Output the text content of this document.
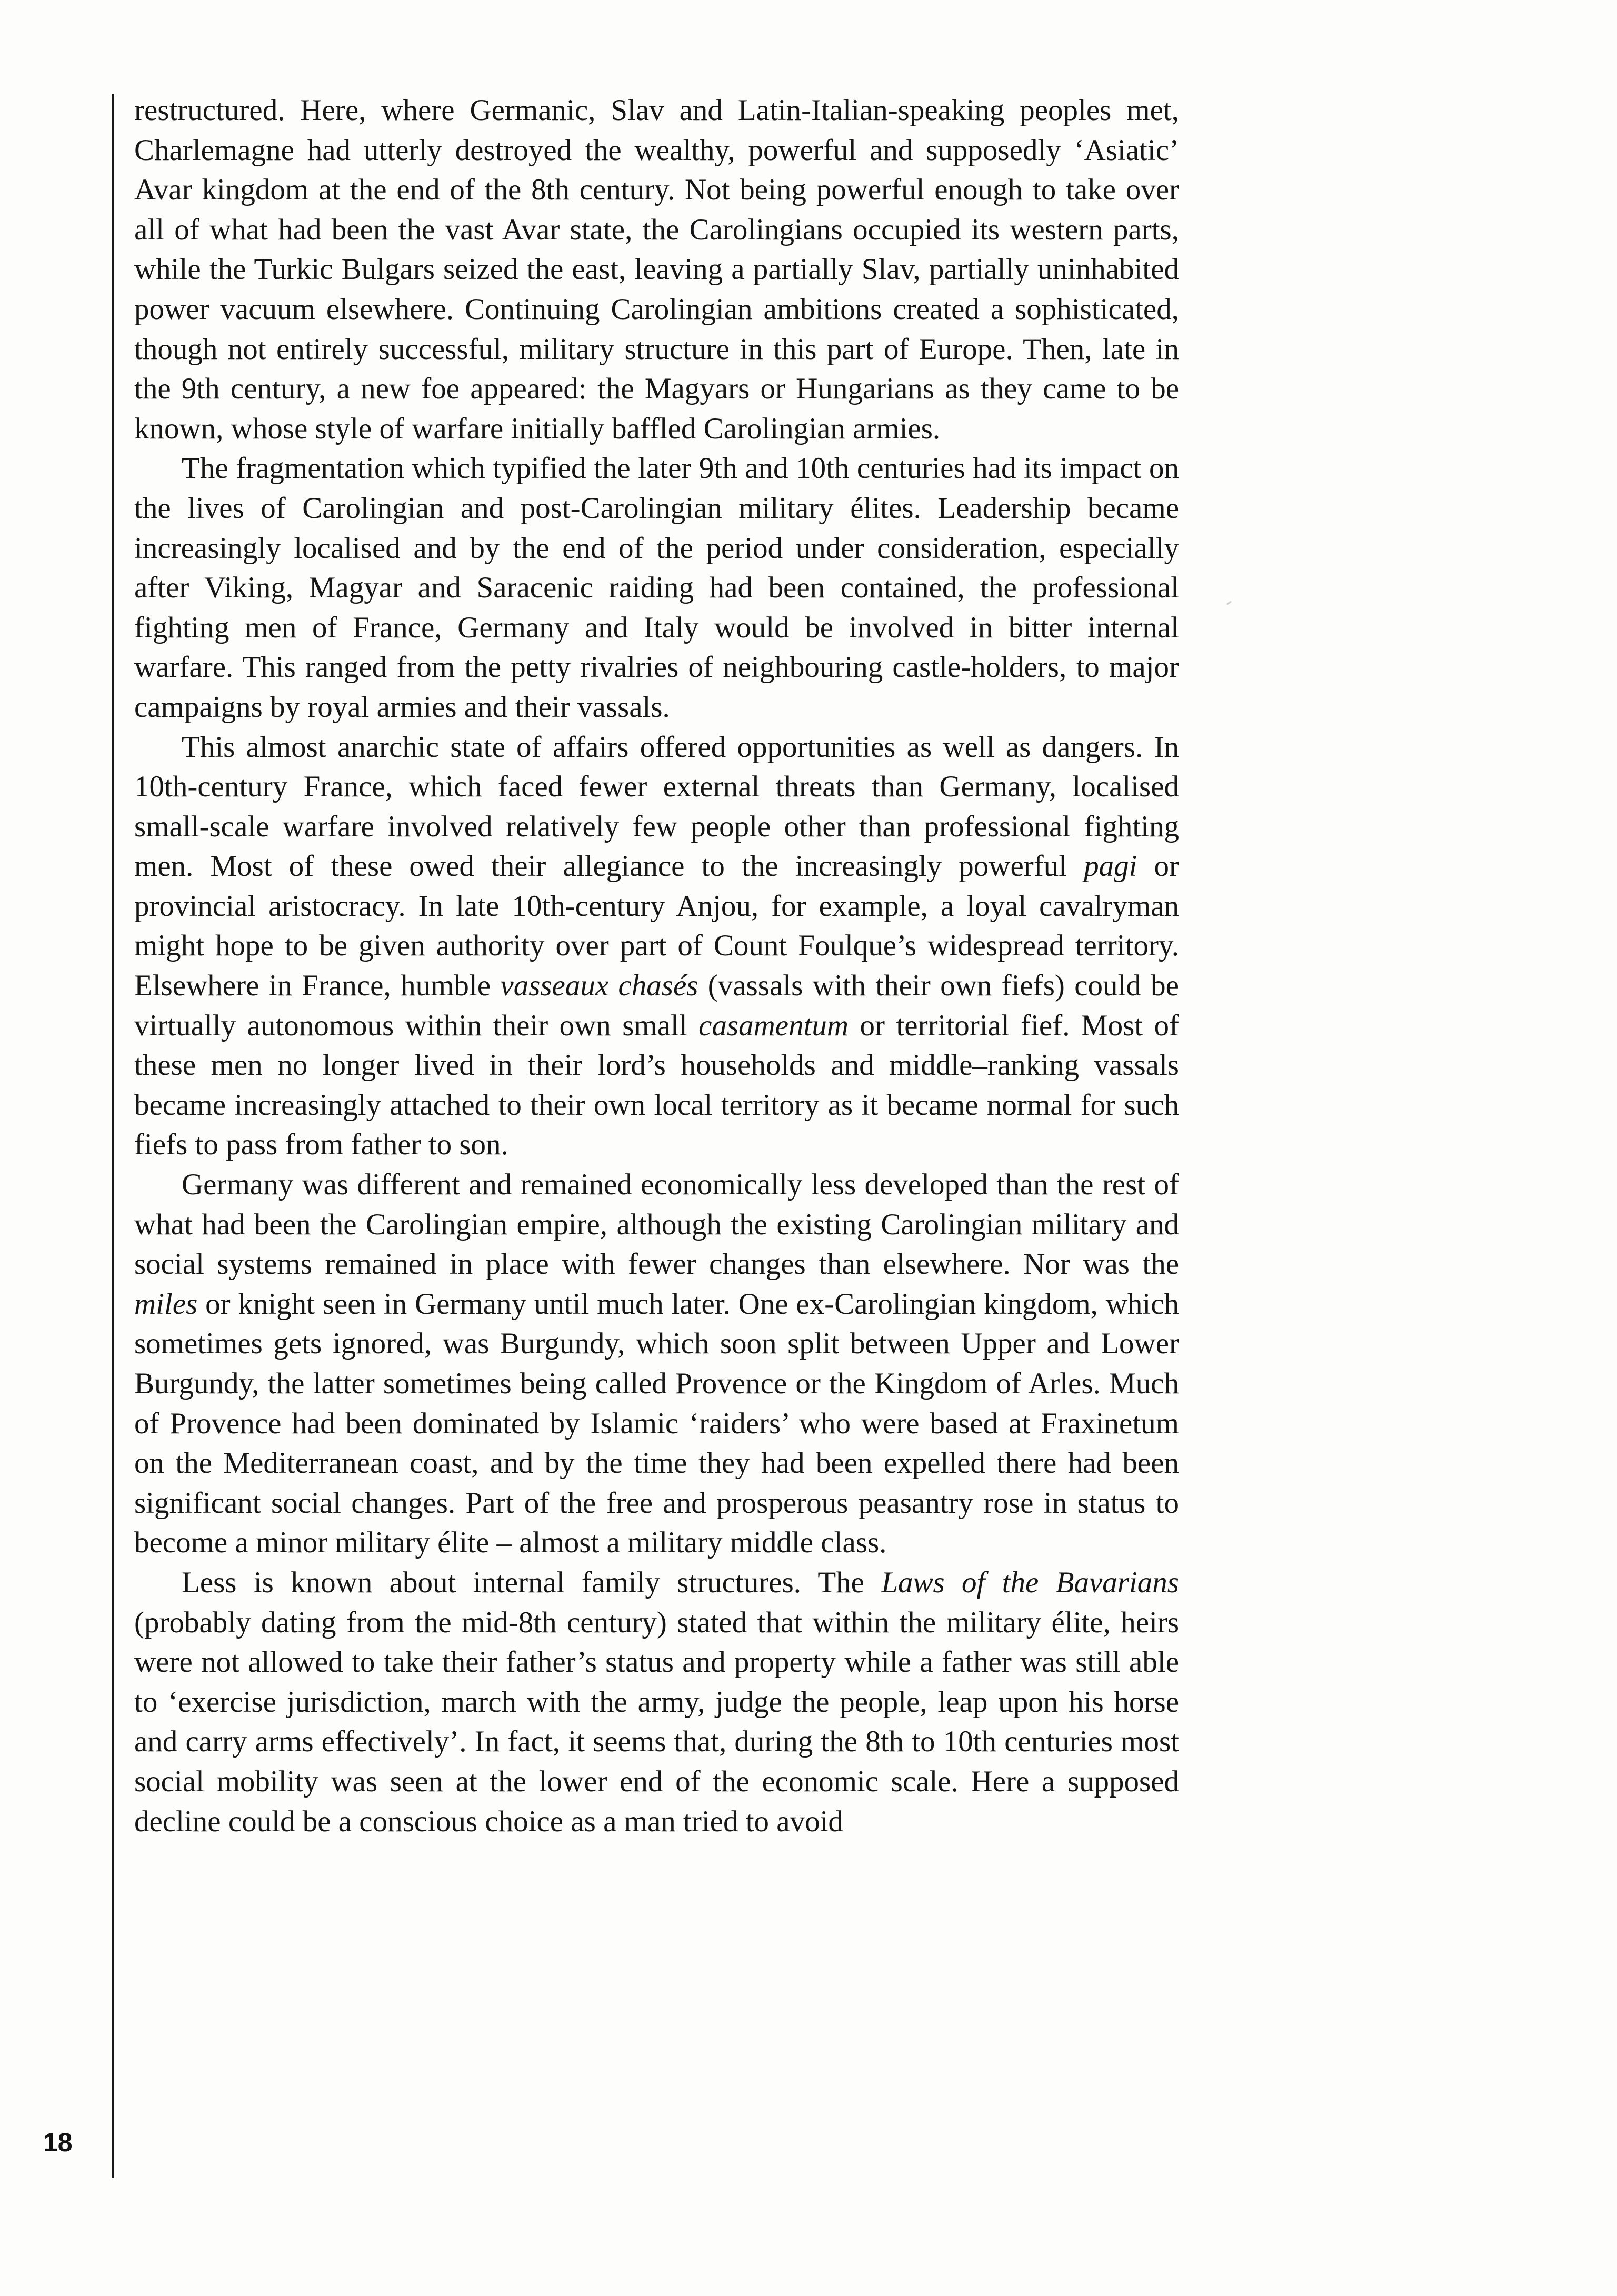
restructured. Here, where Germanic, Slav and Latin-Italian-speaking peoples met, Charlemagne had utterly destroyed the wealthy, powerful and supposedly ‘Asiatic’ Avar kingdom at the end of the 8th century. Not being powerful enough to take over all of what had been the vast Avar state, the Carolingians occupied its western parts, while the Turkic Bulgars seized the east, leaving a partially Slav, partially uninhabited power vacuum elsewhere. Continuing Carolingian ambitions created a sophisticated, though not entirely successful, military structure in this part of Europe. Then, late in the 9th century, a new foe appeared: the Magyars or Hungarians as they came to be known, whose style of warfare initially baffled Carolingian armies.

The fragmentation which typified the later 9th and 10th centuries had its impact on the lives of Carolingian and post-Carolingian military élites. Leadership became increasingly localised and by the end of the period under consideration, especially after Viking, Magyar and Saracenic raiding had been contained, the professional fighting men of France, Germany and Italy would be involved in bitter internal warfare. This ranged from the petty rivalries of neighbouring castle-holders, to major campaigns by royal armies and their vassals.

This almost anarchic state of affairs offered opportunities as well as dangers. In 10th-century France, which faced fewer external threats than Germany, localised small-scale warfare involved relatively few people other than professional fighting men. Most of these owed their allegiance to the increasingly powerful pagi or provincial aristocracy. In late 10th-century Anjou, for example, a loyal cavalryman might hope to be given authority over part of Count Foulque’s widespread territory. Elsewhere in France, humble vasseaux chasés (vassals with their own fiefs) could be virtually autonomous within their own small casamentum or territorial fief. Most of these men no longer lived in their lord’s households and middle–ranking vassals became increasingly attached to their own local territory as it became normal for such fiefs to pass from father to son.

Germany was different and remained economically less developed than the rest of what had been the Carolingian empire, although the existing Carolingian military and social systems remained in place with fewer changes than elsewhere. Nor was the miles or knight seen in Germany until much later. One ex-Carolingian kingdom, which sometimes gets ignored, was Burgundy, which soon split between Upper and Lower Burgundy, the latter sometimes being called Provence or the Kingdom of Arles. Much of Provence had been dominated by Islamic ‘raiders’ who were based at Fraxinetum on the Mediterranean coast, and by the time they had been expelled there had been significant social changes. Part of the free and prosperous peasantry rose in status to become a minor military élite – almost a military middle class.

Less is known about internal family structures. The Laws of the Bavarians (probably dating from the mid-8th century) stated that within the military élite, heirs were not allowed to take their father’s status and property while a father was still able to ‘exercise jurisdiction, march with the army, judge the people, leap upon his horse and carry arms effectively’. In fact, it seems that, during the 8th to 10th centuries most social mobility was seen at the lower end of the economic scale. Here a supposed decline could be a conscious choice as a man tried to avoid

18
